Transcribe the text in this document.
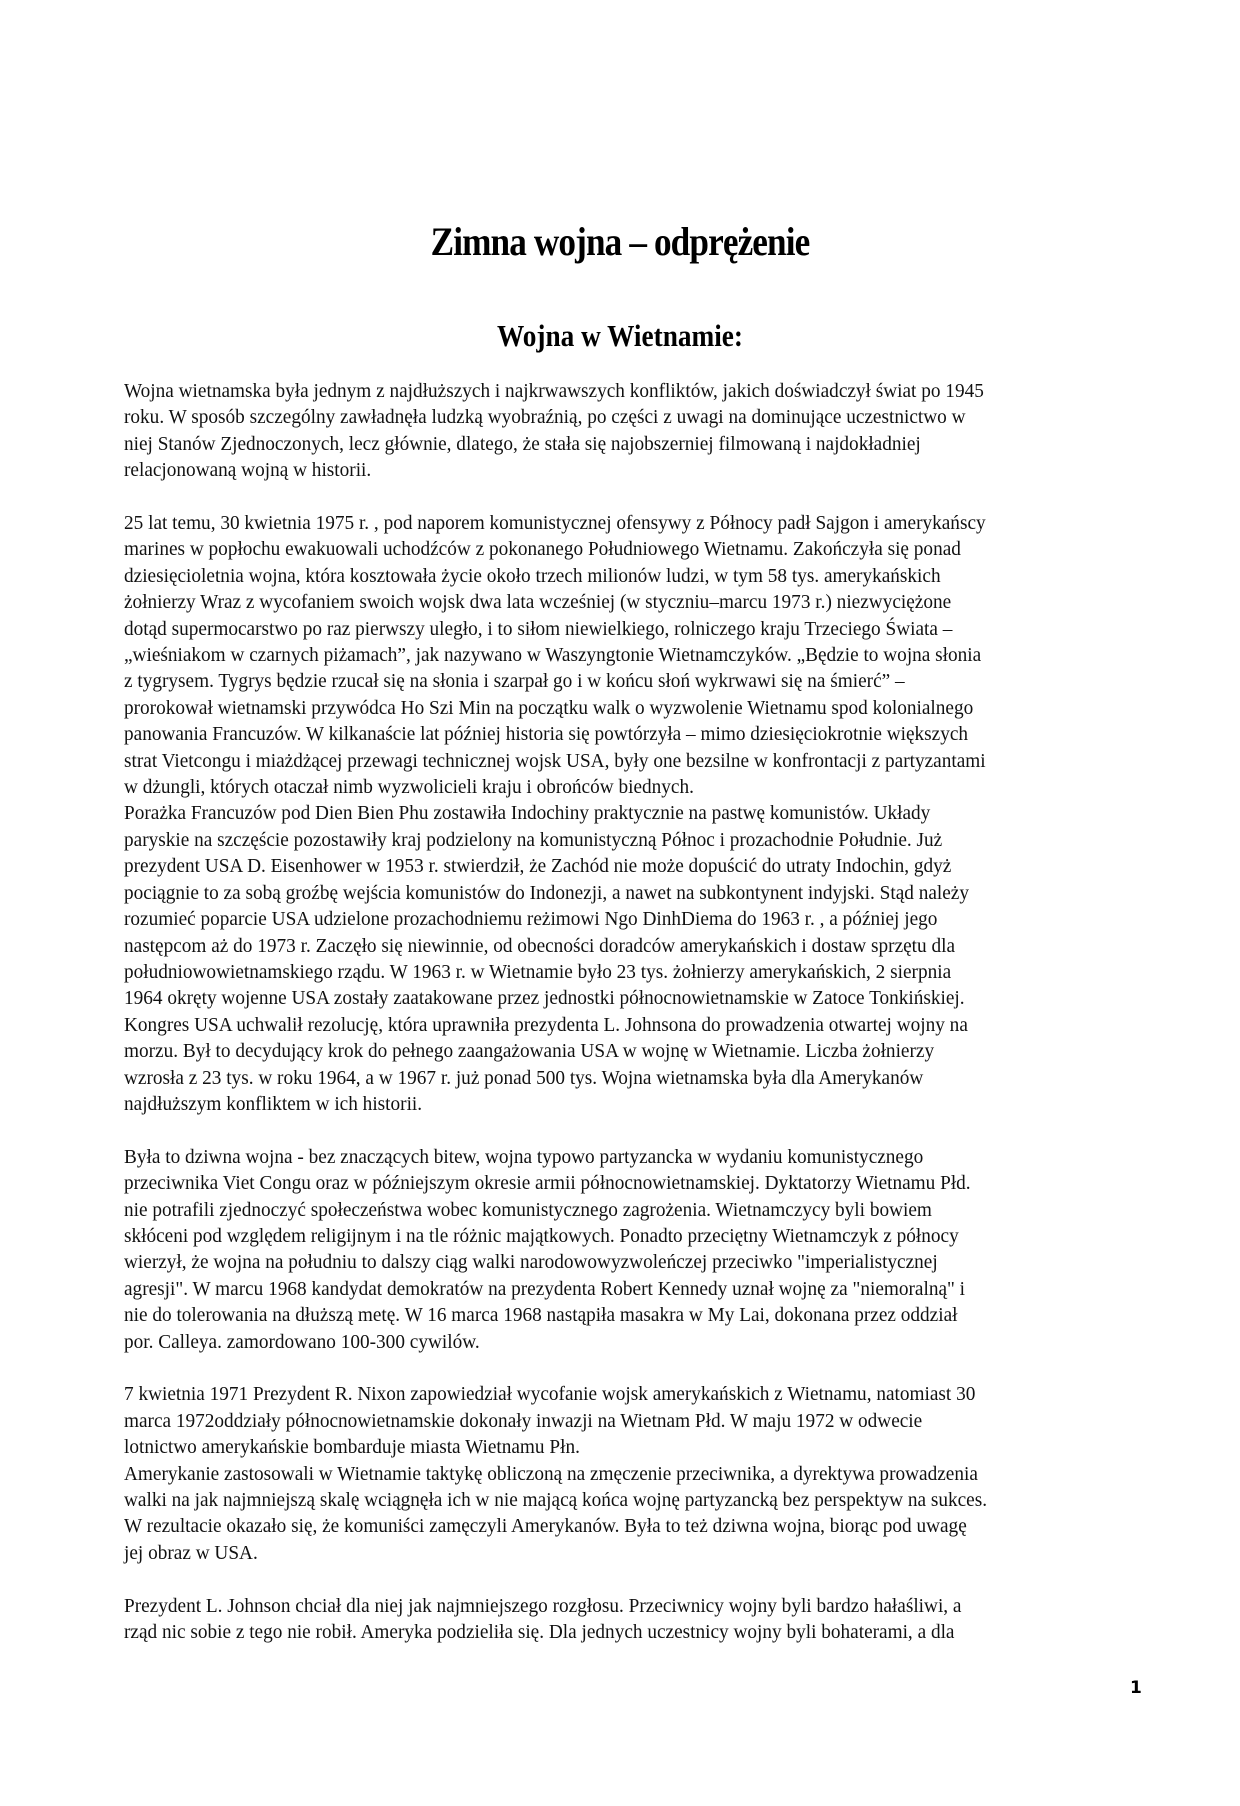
Zimna wojna – odprężenie
Wojna w Wietnamie:

Wojna wietnamska była jednym z najdłuższych i najkrwawszych konfliktów, jakich doświadczył świat po 1945
roku. W sposób szczególny zawładnęła ludzką wyobraźnią, po części z uwagi na dominujące uczestnictwo w
niej Stanów Zjednoczonych, lecz głównie, dlatego, że stała się najobszerniej filmowaną i najdokładniej
relacjonowaną wojną w historii.

25 lat temu, 30 kwietnia 1975 r. , pod naporem komunistycznej ofensywy z Północy padł Sajgon i amerykańscy
marines w popłochu ewakuowali uchodźców z pokonanego Południowego Wietnamu. Zakończyła się ponad
dziesięcioletnia wojna, która kosztowała życie około trzech milionów ludzi, w tym 58 tys. amerykańskich
żołnierzy Wraz z wycofaniem swoich wojsk dwa lata wcześniej (w styczniu–marcu 1973 r.) niezwyciężone
dotąd supermocarstwo po raz pierwszy uległo, i to siłom niewielkiego, rolniczego kraju Trzeciego Świata –
„wieśniakom w czarnych piżamach”, jak nazywano w Waszyngtonie Wietnamczyków. „Będzie to wojna słonia
z tygrysem. Tygrys będzie rzucał się na słonia i szarpał go i w końcu słoń wykrwawi się na śmierć” –
prorokował wietnamski przywódca Ho Szi Min na początku walk o wyzwolenie Wietnamu spod kolonialnego
panowania Francuzów. W kilkanaście lat później historia się powtórzyła – mimo dziesięciokrotnie większych
strat Vietcongu i miażdżącej przewagi technicznej wojsk USA, były one bezsilne w konfrontacji z partyzantami
w dżungli, których otaczał nimb wyzwolicieli kraju i obrońców biednych.

Porażka Francuzów pod Dien Bien Phu zostawiła Indochiny praktycznie na pastwę komunistów. Układy
paryskie na szczęście pozostawiły kraj podzielony na komunistyczną Północ i prozachodnie Południe. Już
prezydent USA D. Eisenhower w 1953 r. stwierdził, że Zachód nie może dopuścić do utraty Indochin, gdyż
pociągnie to za sobą groźbę wejścia komunistów do Indonezji, a nawet na subkontynent indyjski. Stąd należy
rozumieć poparcie USA udzielone prozachodniemu reżimowi Ngo DinhDiema do 1963 r. , a później jego
następcom aż do 1973 r. Zaczęło się niewinnie, od obecności doradców amerykańskich i dostaw sprzętu dla
południowowietnamskiego rządu. W 1963 r. w Wietnamie było 23 tys. żołnierzy amerykańskich, 2 sierpnia
1964 okręty wojenne USA zostały zaatakowane przez jednostki północnowietnamskie w Zatoce Tonkińskiej.
Kongres USA uchwalił rezolucję, która uprawniła prezydenta L. Johnsona do prowadzenia otwartej wojny na
morzu. Był to decydujący krok do pełnego zaangażowania USA w wojnę w Wietnamie. Liczba żołnierzy
wzrosła z 23 tys. w roku 1964, a w 1967 r. już ponad 500 tys. Wojna wietnamska była dla Amerykanów
najdłuższym konfliktem w ich historii.

Była to dziwna wojna - bez znaczących bitew, wojna typowo partyzancka w wydaniu komunistycznego
przeciwnika Viet Congu oraz w późniejszym okresie armii północnowietnamskiej. Dyktatorzy Wietnamu Płd.
nie potrafili zjednoczyć społeczeństwa wobec komunistycznego zagrożenia. Wietnamczycy byli bowiem
skłóceni pod względem religijnym i na tle różnic majątkowych. Ponadto przeciętny Wietnamczyk z północy
wierzył, że wojna na południu to dalszy ciąg walki narodowowyzwoleńczej przeciwko "imperialistycznej
agresji". W marcu 1968 kandydat demokratów na prezydenta Robert Kennedy uznał wojnę za "niemoralną" i
nie do tolerowania na dłuższą metę. W 16 marca 1968 nastąpiła masakra w My Lai, dokonana przez oddział
por. Calleya. zamordowano 100-300 cywilów.

7 kwietnia 1971 Prezydent R. Nixon zapowiedział wycofanie wojsk amerykańskich z Wietnamu, natomiast 30
marca 1972oddziały północnowietnamskie dokonały inwazji na Wietnam Płd. W maju 1972 w odwecie
lotnictwo amerykańskie bombarduje miasta Wietnamu Płn.

Amerykanie zastosowali w Wietnamie taktykę obliczoną na zmęczenie przeciwnika, a dyrektywa prowadzenia
walki na jak najmniejszą skalę wciągnęła ich w nie mającą końca wojnę partyzancką bez perspektyw na sukces.
W rezultacie okazało się, że komuniści zamęczyli Amerykanów. Była to też dziwna wojna, biorąc pod uwagę
jej obraz w USA.

Prezydent L. Johnson chciał dla niej jak najmniejszego rozgłosu. Przeciwnicy wojny byli bardzo hałaśliwi, a
rząd nic sobie z tego nie robił. Ameryka podzieliła się. Dla jednych uczestnicy wojny byli bohaterami, a dla

1
